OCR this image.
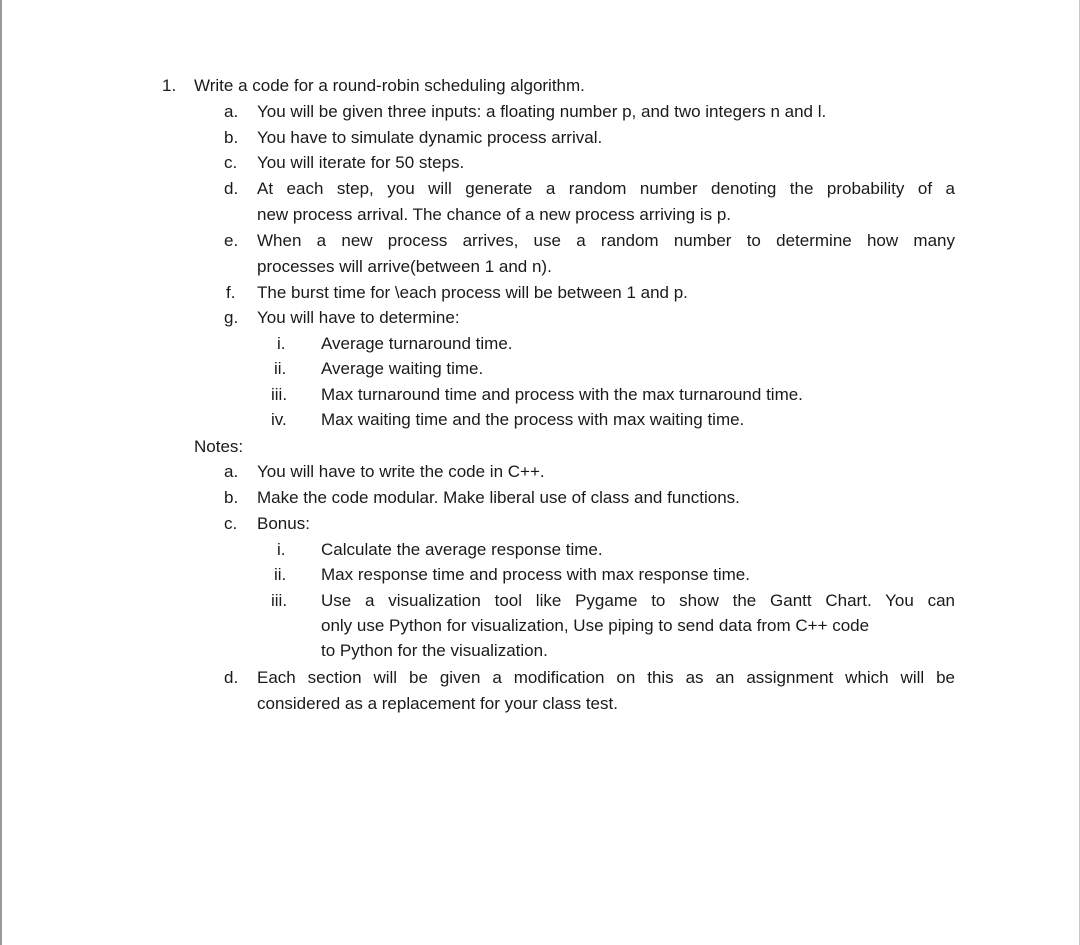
1. Write a code for a round-robin scheduling algorithm.
a. You will be given three inputs: a floating number p, and two integers n and l.
b. You have to simulate dynamic process arrival.
c. You will iterate for 50 steps.
d. At each step, you will generate a random number denoting the probability of a
new process arrival. The chance of a new process arriving is p.
e. When a new process arrives, use a random number to determine how many
processes will arrive(between 1 and n).
f. The burst time for \each process will be between 1 and p.
g. You will have to determine:
i. Average turnaround time.
ii. Average waiting time.
iii. Max turnaround time and process with the max turnaround time.
iv. Max waiting time and the process with max waiting time.
Notes:
a. You will have to write the code in C++.
b. Make the code modular. Make liberal use of class and functions.
c. Bonus:
i. Calculate the average response time.
ii. Max response time and process with max response time.
iii. Use a visualization tool like Pygame to show the Gantt Chart. You can
only use Python for visualization, Use piping to send data from C++ code
to Python for the visualization.
d. Each section will be given a modification on this as an assignment which will be
considered as a replacement for your class test.
